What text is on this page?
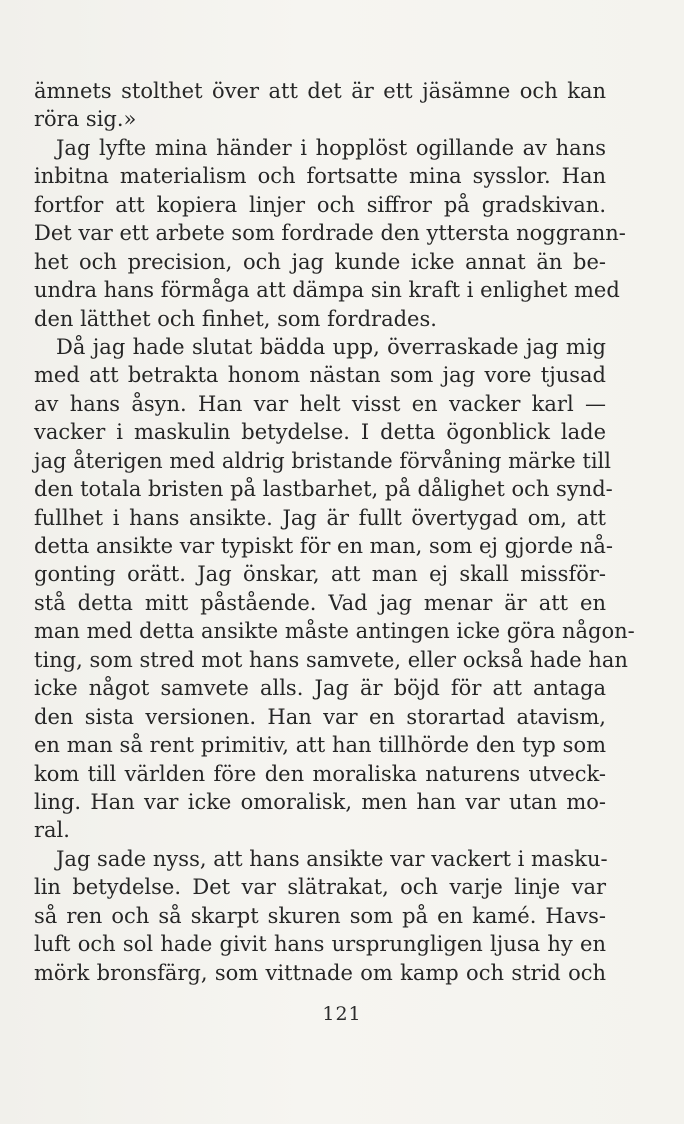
ämnets stolthet över att det är ett jäsämne och kan
röra sig.»
Jag lyfte mina händer i hopplöst ogillande av hans
inbitna materialism och fortsatte mina sysslor. Han
fortfor att kopiera linjer och siffror på gradskivan.
Det var ett arbete som fordrade den yttersta noggrann-
het och precision, och jag kunde icke annat än be-
undra hans förmåga att dämpa sin kraft i enlighet med
den lätthet och finhet, som fordrades.
Då jag hade slutat bädda upp, överraskade jag mig
med att betrakta honom nästan som jag vore tjusad
av hans åsyn. Han var helt visst en vacker karl —
vacker i maskulin betydelse. I detta ögonblick lade
jag återigen med aldrig bristande förvåning märke till
den totala bristen på lastbarhet, på dålighet och synd-
fullhet i hans ansikte. Jag är fullt övertygad om, att
detta ansikte var typiskt för en man, som ej gjorde nå-
gonting orätt. Jag önskar, att man ej skall missför-
stå detta mitt påstående. Vad jag menar är att en
man med detta ansikte måste antingen icke göra någon-
ting, som stred mot hans samvete, eller också hade han
icke något samvete alls. Jag är böjd för att antaga
den sista versionen. Han var en storartad atavism,
en man så rent primitiv, att han tillhörde den typ som
kom till världen före den moraliska naturens utveck-
ling. Han var icke omoralisk, men han var utan mo-
ral.
Jag sade nyss, att hans ansikte var vackert i masku-
lin betydelse. Det var slätrakat, och varje linje var
så ren och så skarpt skuren som på en kamé. Havs-
luft och sol hade givit hans ursprungligen ljusa hy en
mörk bronsfärg, som vittnade om kamp och strid och
121
